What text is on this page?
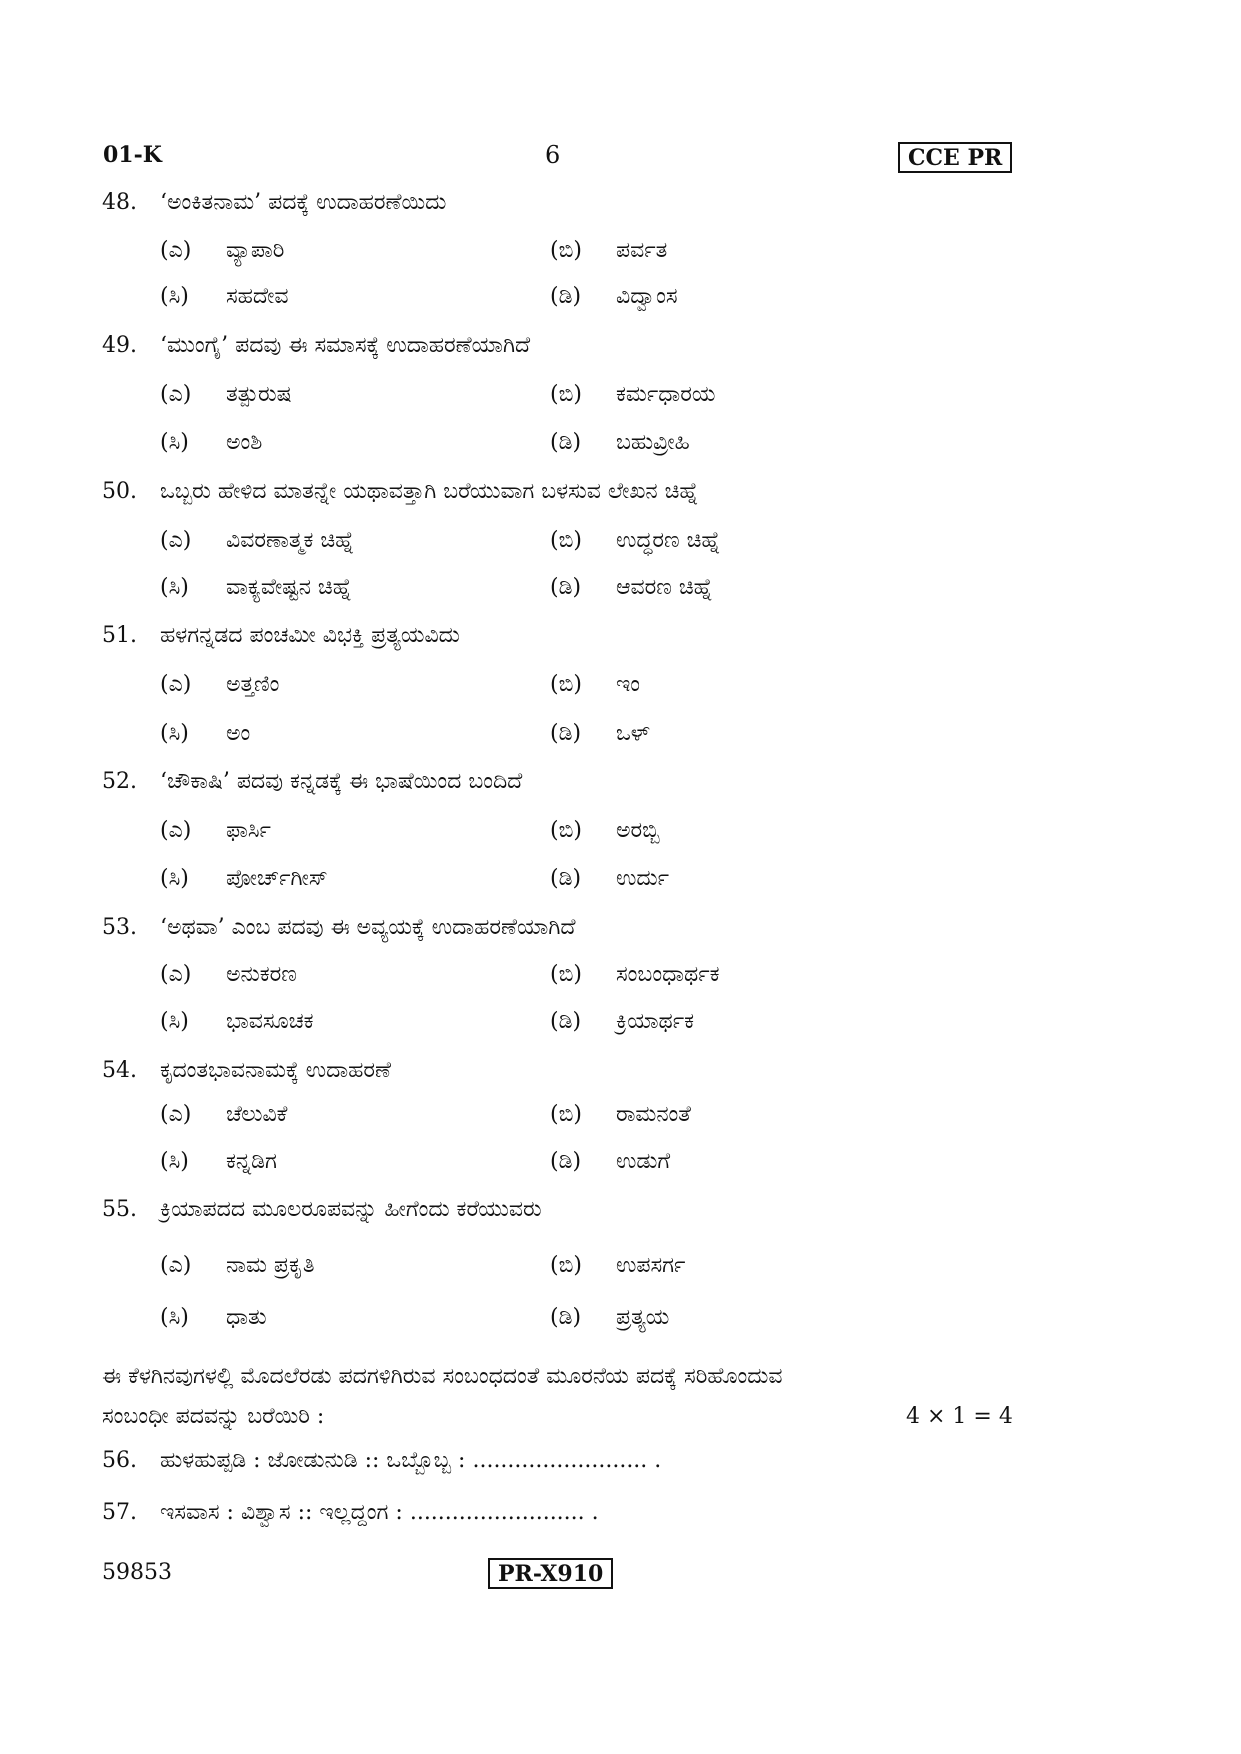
01-K	6	CCE PR
48. ‘ಅಂಕಿತನಾಮ’ ಪದಕ್ಕೆ ಉದಾಹರಣೆಯಿದು
(ಎ) ವ್ಯಾಪಾರಿ	(ಬಿ) ಪರ್ವತ
(ಸಿ) ಸಹದೇವ	(ಡಿ) ವಿದ್ವಾಂಸ
49. ‘ಮುಂಗೈ’ ಪದವು ಈ ಸಮಾಸಕ್ಕೆ ಉದಾಹರಣೆಯಾಗಿದೆ
(ಎ) ತತ್ಪುರುಷ	(ಬಿ) ಕರ್ಮಧಾರಯ
(ಸಿ) ಅಂಶಿ	(ಡಿ) ಬಹುವ್ರೀಹಿ
50. ಒಬ್ಬರು ಹೇಳಿದ ಮಾತನ್ನೇ ಯಥಾವತ್ತಾಗಿ ಬರೆಯುವಾಗ ಬಳಸುವ ಲೇಖನ ಚಿಹ್ನೆ
(ಎ) ವಿವರಣಾತ್ಮಕ ಚಿಹ್ನೆ	(ಬಿ) ಉದ್ಧರಣ ಚಿಹ್ನೆ
(ಸಿ) ವಾಕ್ಯವೇಷ್ಟನ ಚಿಹ್ನೆ	(ಡಿ) ಆವರಣ ಚಿಹ್ನೆ
51. ಹಳಗನ್ನಡದ ಪಂಚಮೀ ವಿಭಕ್ತಿ ಪ್ರತ್ಯಯವಿದು
(ಎ) ಅತ್ತಣಿಂ	(ಬಿ) ಇಂ
(ಸಿ) ಅಂ	(ಡಿ) ಒಳ್
52. ‘ಚೌಕಾಷಿ’ ಪದವು ಕನ್ನಡಕ್ಕೆ ಈ ಭಾಷೆಯಿಂದ ಬಂದಿದೆ
(ಎ) ಫಾರ್ಸಿ	(ಬಿ) ಅರಬ್ಬಿ
(ಸಿ) ಪೋರ್ಚ್‌ಗೀಸ್	(ಡಿ) ಉರ್ದು
53. ‘ಅಥವಾ’ ಎಂಬ ಪದವು ಈ ಅವ್ಯಯಕ್ಕೆ ಉದಾಹರಣೆಯಾಗಿದೆ
(ಎ) ಅನುಕರಣ	(ಬಿ) ಸಂಬಂಧಾರ್ಥಕ
(ಸಿ) ಭಾವಸೂಚಕ	(ಡಿ) ಕ್ರಿಯಾರ್ಥಕ
54. ಕೃದಂತಭಾವನಾಮಕ್ಕೆ ಉದಾಹರಣೆ
(ಎ) ಚೆಲುವಿಕೆ	(ಬಿ) ರಾಮನಂತೆ
(ಸಿ) ಕನ್ನಡಿಗ	(ಡಿ) ಉಡುಗೆ
55. ಕ್ರಿಯಾಪದದ ಮೂಲರೂಪವನ್ನು ಹೀಗೆಂದು ಕರೆಯುವರು
(ಎ) ನಾಮ ಪ್ರಕೃತಿ	(ಬಿ) ಉಪಸರ್ಗ
(ಸಿ) ಧಾತು	(ಡಿ) ಪ್ರತ್ಯಯ
ಈ ಕೆಳಗಿನವುಗಳಲ್ಲಿ ಮೊದಲೆರಡು ಪದಗಳಿಗಿರುವ ಸಂಬಂಧದಂತೆ ಮೂರನೆಯ ಪದಕ್ಕೆ ಸರಿಹೊಂದುವ
ಸಂಬಂಧೀ ಪದವನ್ನು ಬರೆಯಿರಿ :	4 × 1 = 4
56. ಹುಳಹುಪ್ಪಡಿ : ಜೋಡುನುಡಿ :: ಒಬ್ಬೊಬ್ಬ : ......................... .
57. ಇಸವಾಸ : ವಿಶ್ವಾಸ :: ಇಲ್ಲದ್ದಂಗ : ......................... .
59853	PR-X910
